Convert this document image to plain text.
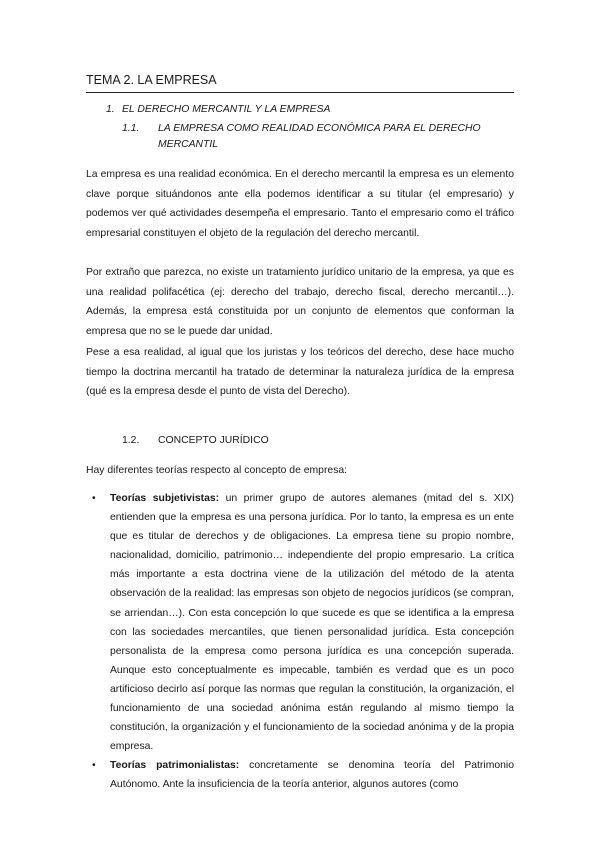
TEMA 2. LA EMPRESA
1. EL DERECHO MERCANTIL Y LA EMPRESA
1.1.	LA EMPRESA COMO REALIDAD ECONÓMICA PARA EL DERECHO MERCANTIL

La empresa es una realidad económica. En el derecho mercantil la empresa es un elemento clave porque situándonos ante ella podemos identificar a su titular (el empresario) y podemos ver qué actividades desempeña el empresario. Tanto el empresario como el tráfico empresarial constituyen el objeto de la regulación del derecho mercantil.

Por extraño que parezca, no existe un tratamiento jurídico unitario de la empresa, ya que es una realidad polifacética (ej: derecho del trabajo, derecho fiscal, derecho mercantil…). Además, la empresa está constituida por un conjunto de elementos que conforman la empresa que no se le puede dar unidad.

Pese a esa realidad, al igual que los juristas y los teóricos del derecho, dese hace mucho tiempo la doctrina mercantil ha tratado de determinar la naturaleza jurídica de la empresa (qué es la empresa desde el punto de vista del Derecho).

1.2.	CONCEPTO JURÍDICO

Hay diferentes teorías respecto al concepto de empresa:

• Teorías subjetivistas: un primer grupo de autores alemanes (mitad del s. XIX) entienden que la empresa es una persona jurídica. Por lo tanto, la empresa es un ente que es titular de derechos y de obligaciones. La empresa tiene su propio nombre, nacionalidad, domicilio, patrimonio… independiente del propio empresario. La crítica más importante a esta doctrina viene de la utilización del método de la atenta observación de la realidad: las empresas son objeto de negocios jurídicos (se compran, se arriendan…). Con esta concepción lo que sucede es que se identifica a la empresa con las sociedades mercantiles, que tienen personalidad jurídica. Esta concepción personalista de la empresa como persona jurídica es una concepción superada. Aunque esto conceptualmente es impecable, también es verdad que es un poco artificioso decirlo así porque las normas que regulan la constitución, la organización, el funcionamiento de una sociedad anónima están regulando al mismo tiempo la constitución, la organización y el funcionamiento de la sociedad anónima y de la propia empresa.
• Teorías patrimonialistas: concretamente se denomina teoría del Patrimonio Autónomo. Ante la insuficiencia de la teoría anterior, algunos autores (como
